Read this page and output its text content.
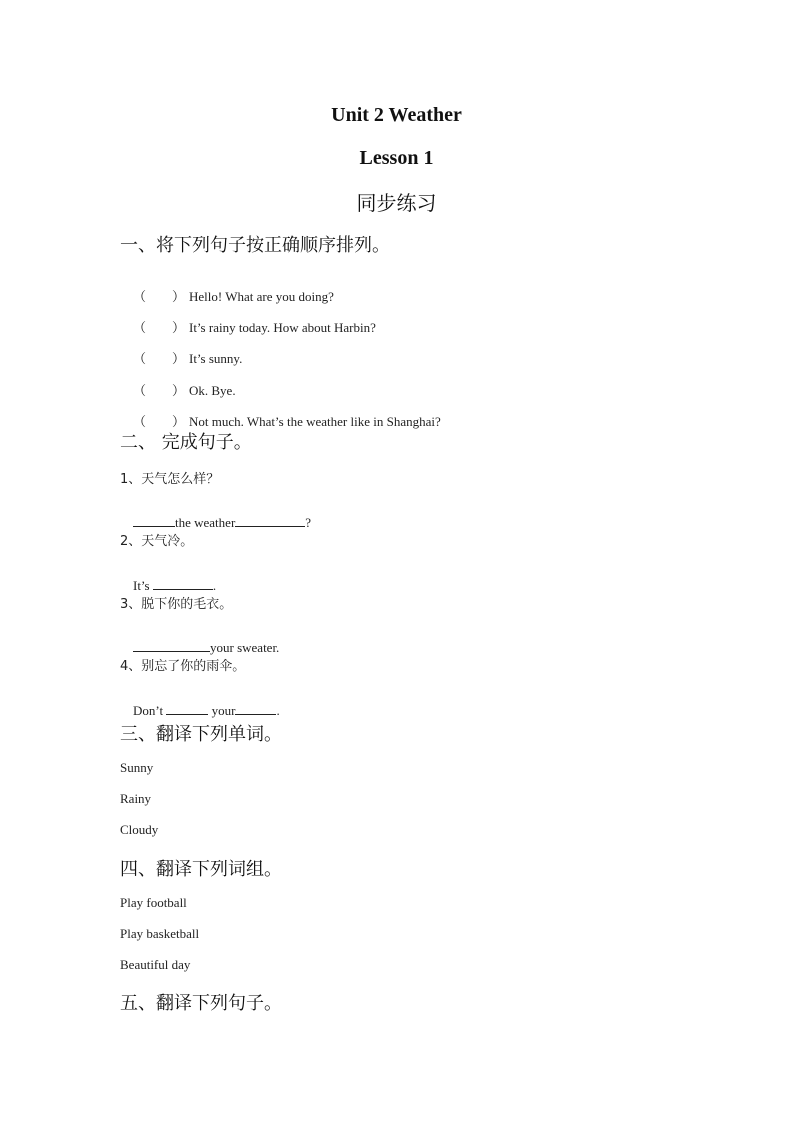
Unit 2 Weather
Lesson 1
同步练习
一、将下列句子按正确顺序排列。

（ ） Hello! What are you doing?

（ ） It’s rainy today. How about Harbin?

（ ） It’s sunny.

（ ） Ok. Bye.

（ ） Not much. What’s the weather like in Shanghai?

二、 完成句子。
1、天气怎么样？

the weather	?

2、天气冷。

It’s	.

3、脱下你的毛衣。

your sweater.

4、别忘了你的雨伞。

Don’t	your	.

三、翻译下列单词。
Sunny
Rainy
Cloudy
四、翻译下列词组。
Play football
Play basketball
Beautiful day
五、翻译下列句子。
